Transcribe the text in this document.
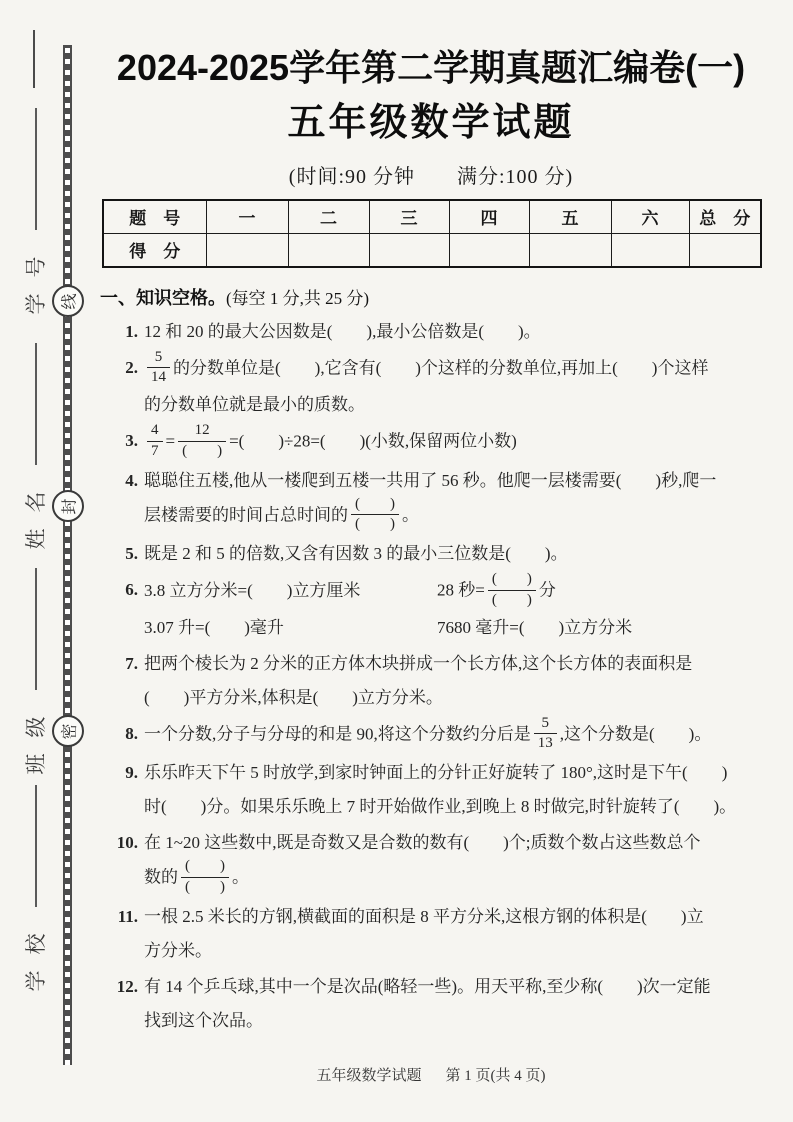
号
学
名
姓
级
班
校
学
线
封
密
2024-2025学年第二学期真题汇编卷(一)
五年级数学试题
(时间:90 分钟　　满分:100 分)
题　号	一	二	三	四	五	六	总　分
得　分							
一、知识空格。(每空 1 分,共 25 分)
1. 12 和 20 的最大公因数是(　　),最小公倍数是(　　)。
2. $\frac{5}{14}$ 的分数单位是(　　),它含有(　　)个这样的分数单位,再加上(　　)个这样
的分数单位就是最小的质数。
3. $\frac{4}{7} = \frac{12}{( )}$ =(　　)÷28=(　　)(小数,保留两位小数)
4. 聪聪住五楼,他从一楼爬到五楼一共用了 56 秒。他爬一层楼需要(　　)秒,爬一
层楼需要的时间占总时间的 $\frac{( )}{( )}$ 。
5. 既是 2 和 5 的倍数,又含有因数 3 的最小三位数是(　　)。
6. 3.8 立方分米=(　　)立方厘米	28 秒= $\frac{( )}{( )}$ 分
3.07 升=(　　)毫升	7680 毫升=(　　)立方分米
7. 把两个棱长为 2 分米的正方体木块拼成一个长方体,这个长方体的表面积是
(　　)平方分米,体积是(　　)立方分米。
8. 一个分数,分子与分母的和是 90,将这个分数约分后是 $\frac{5}{13}$ ,这个分数是(　　)。
9. 乐乐昨天下午 5 时放学,到家时钟面上的分针正好旋转了 180°,这时是下午(　　)
时(　　)分。如果乐乐晚上 7 时开始做作业,到晚上 8 时做完,时针旋转了(　　)。
10. 在 1~20 这些数中,既是奇数又是合数的数有(　　)个;质数个数占这些数总个
数的 $\frac{( )}{( )}$ 。
11. 一根 2.5 米长的方钢,横截面的面积是 8 平方分米,这根方钢的体积是(　　)立
方分米。
12. 有 14 个乒乓球,其中一个是次品(略轻一些)。用天平称,至少称(　　)次一定能
找到这个次品。
五年级数学试题 第 1 页(共 4 页)
